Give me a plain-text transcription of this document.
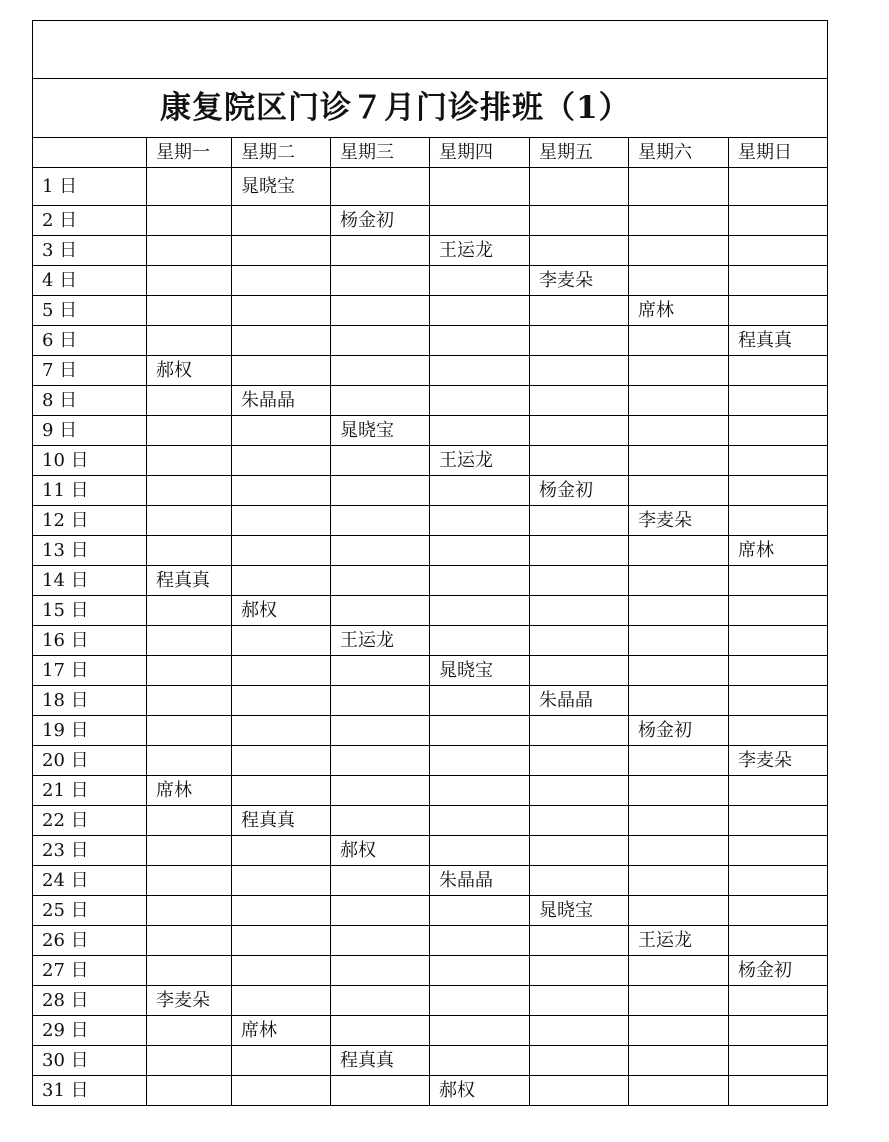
康复院区门诊７月门诊排班（1）							
	星期一	星期二	星期三	星期四	星期五	星期六	星期日
1 日		晁晓宝					
2 日			杨金初				
3 日				王运龙			
4 日					李麦朵		
5 日						席林	
6 日							程真真
7 日	郝权						
8 日		朱晶晶					
9 日			晁晓宝				
10 日				王运龙			
11 日					杨金初		
12 日						李麦朵	
13 日							席林
14 日	程真真						
15 日		郝权					
16 日			王运龙				
17 日				晁晓宝			
18 日					朱晶晶		
19 日						杨金初	
20 日							李麦朵
21 日	席林						
22 日		程真真					
23 日			郝权				
24 日				朱晶晶			
25 日					晁晓宝		
26 日						王运龙	
27 日							杨金初
28 日	李麦朵						
29 日		席林					
30 日			程真真				
31 日				郝权			
